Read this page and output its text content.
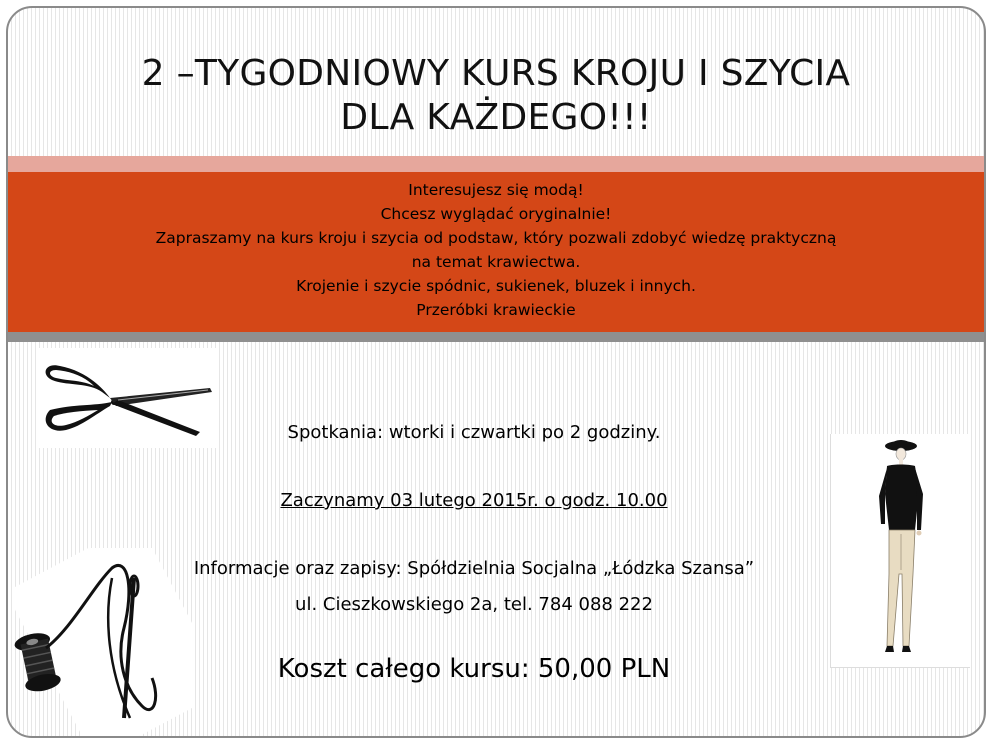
2 –TYGODNIOWY KURS KROJU I SZYCIA
DLA KAŻDEGO!!!
Interesujesz się modą!
Chcesz wyglądać oryginalnie!
Zapraszamy na kurs kroju i szycia od podstaw, który pozwali zdobyć wiedzę praktyczną
na temat krawiectwa.
Krojenie i szycie spódnic, sukienek, bluzek i innych.
Przeróbki krawieckie
Spotkania: wtorki i czwartki po 2 godziny.
Zaczynamy 03 lutego 2015r. o godz. 10.00
Informacje oraz zapisy: Spółdzielnia Socjalna „Łódzka Szansa”
ul. Cieszkowskiego 2a, tel. 784 088 222
Koszt całego kursu: 50,00 PLN
